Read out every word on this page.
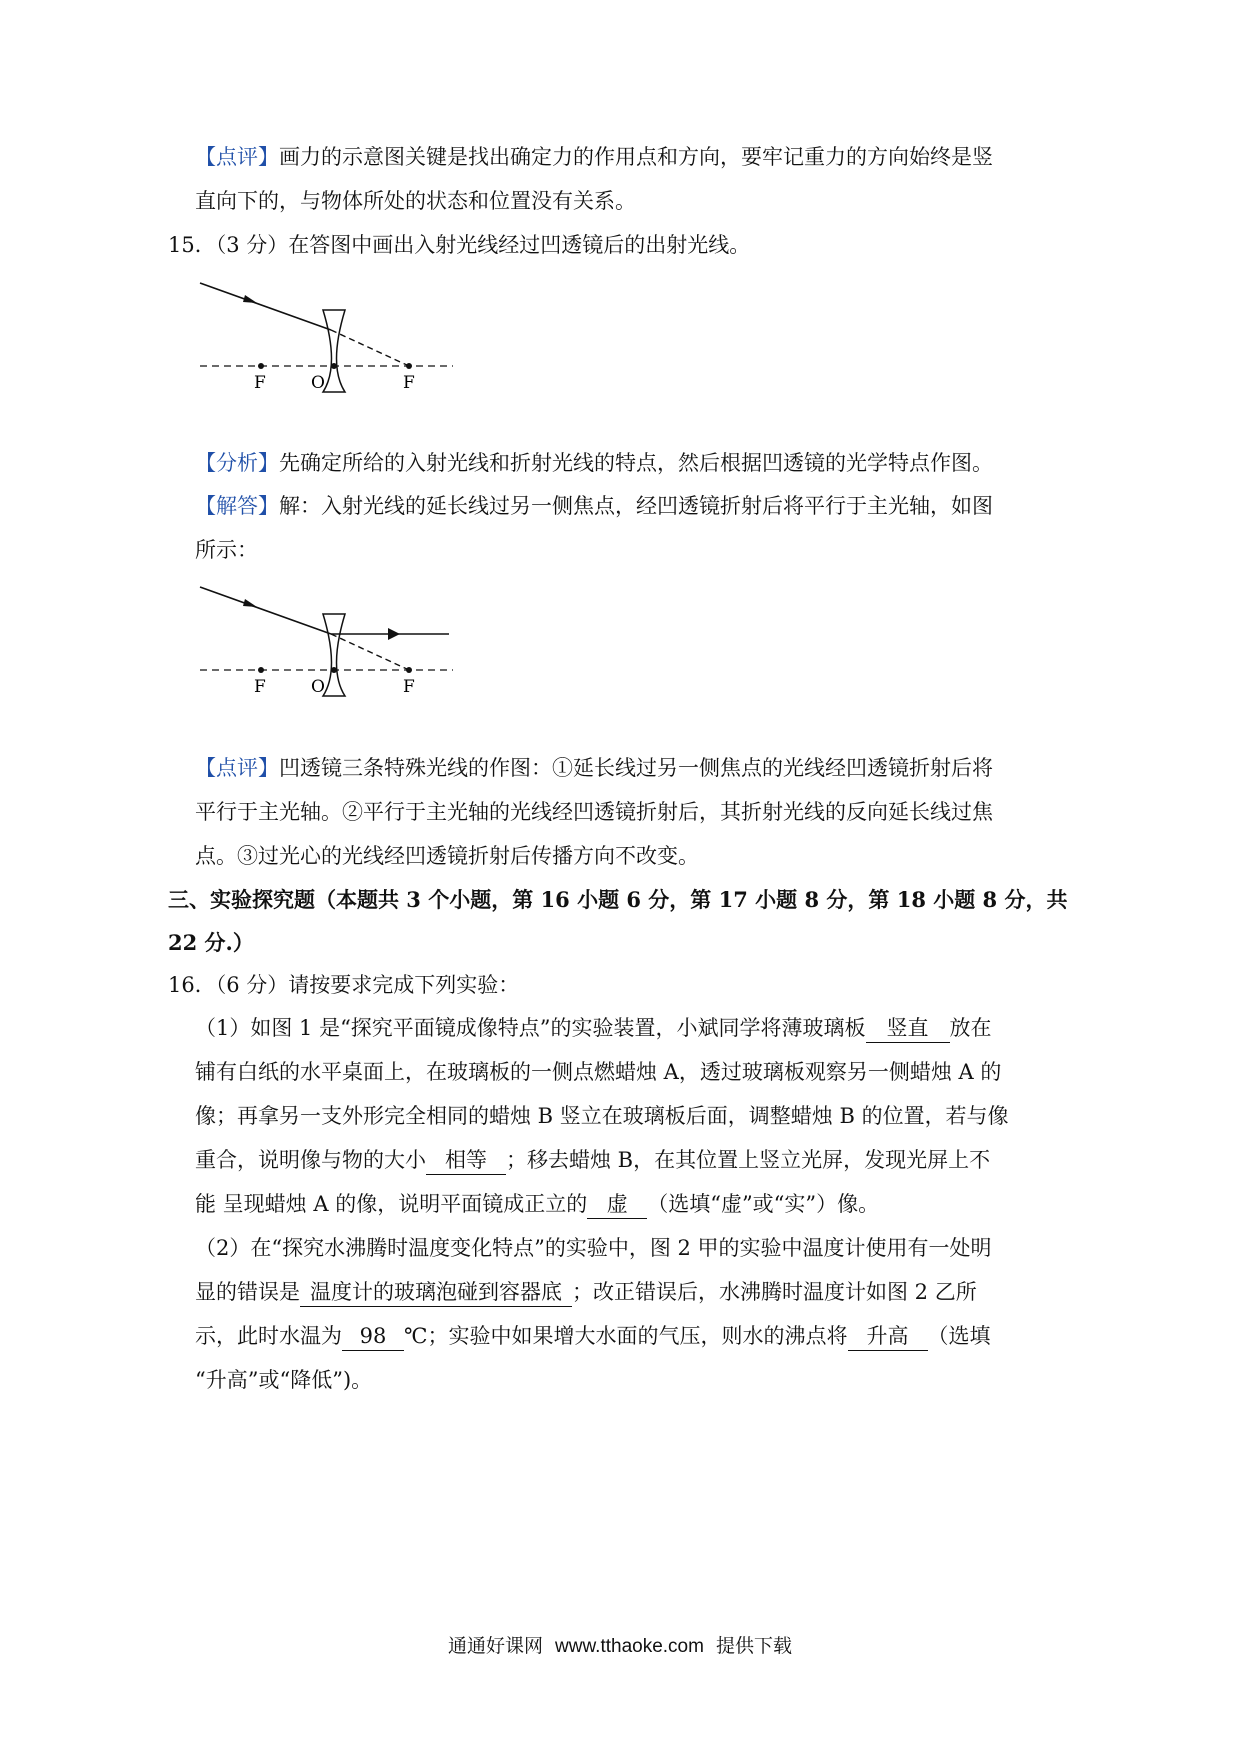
【点评】画力的示意图关键是找出确定力的作用点和方向，要牢记重力的方向始终是竖
直向下的，与物体所处的状态和位置没有关系。
15．（3 分）在答图中画出入射光线经过凹透镜后的出射光线。
F	O	F
【分析】先确定所给的入射光线和折射光线的特点，然后根据凹透镜的光学特点作图。
【解答】解：入射光线的延长线过另一侧焦点，经凹透镜折射后将平行于主光轴，如图
所示：
F	O	F
【点评】凹透镜三条特殊光线的作图：①延长线过另一侧焦点的光线经凹透镜折射后将
平行于主光轴。②平行于主光轴的光线经凹透镜折射后，其折射光线的反向延长线过焦
点。③过光心的光线经凹透镜折射后传播方向不改变。
三、实验探究题（本题共 3 个小题，第 16 小题 6 分，第 17 小题 8 分，第 18 小题 8 分，共
22 分.）
16．（6 分）请按要求完成下列实验：
（1）如图 1 是“探究平面镜成像特点”的实验装置，小斌同学将薄玻璃板 竖直 放在
铺有白纸的水平桌面上，在玻璃板的一侧点燃蜡烛 A，透过玻璃板观察另一侧蜡烛 A 的
像；再拿另一支外形完全相同的蜡烛 B 竖立在玻璃板后面，调整蜡烛 B 的位置，若与像
重合，说明像与物的大小 相等 ；移去蜡烛 B，在其位置上竖立光屏，发现光屏上不
能 呈现蜡烛 A 的像，说明平面镜成正立的 虚 （选填“虚”或“实”）像。
（2）在“探究水沸腾时温度变化特点”的实验中，图 2 甲的实验中温度计使用有一处明
显的错误是 温度计的玻璃泡碰到容器底 ；改正错误后，水沸腾时温度计如图 2 乙所
示，此时水温为 98 ℃；实验中如果增大水面的气压，则水的沸点将 升高 （选填
“升高”或“降低”)。
通通好课网 www.tthaoke.com 提供下载
